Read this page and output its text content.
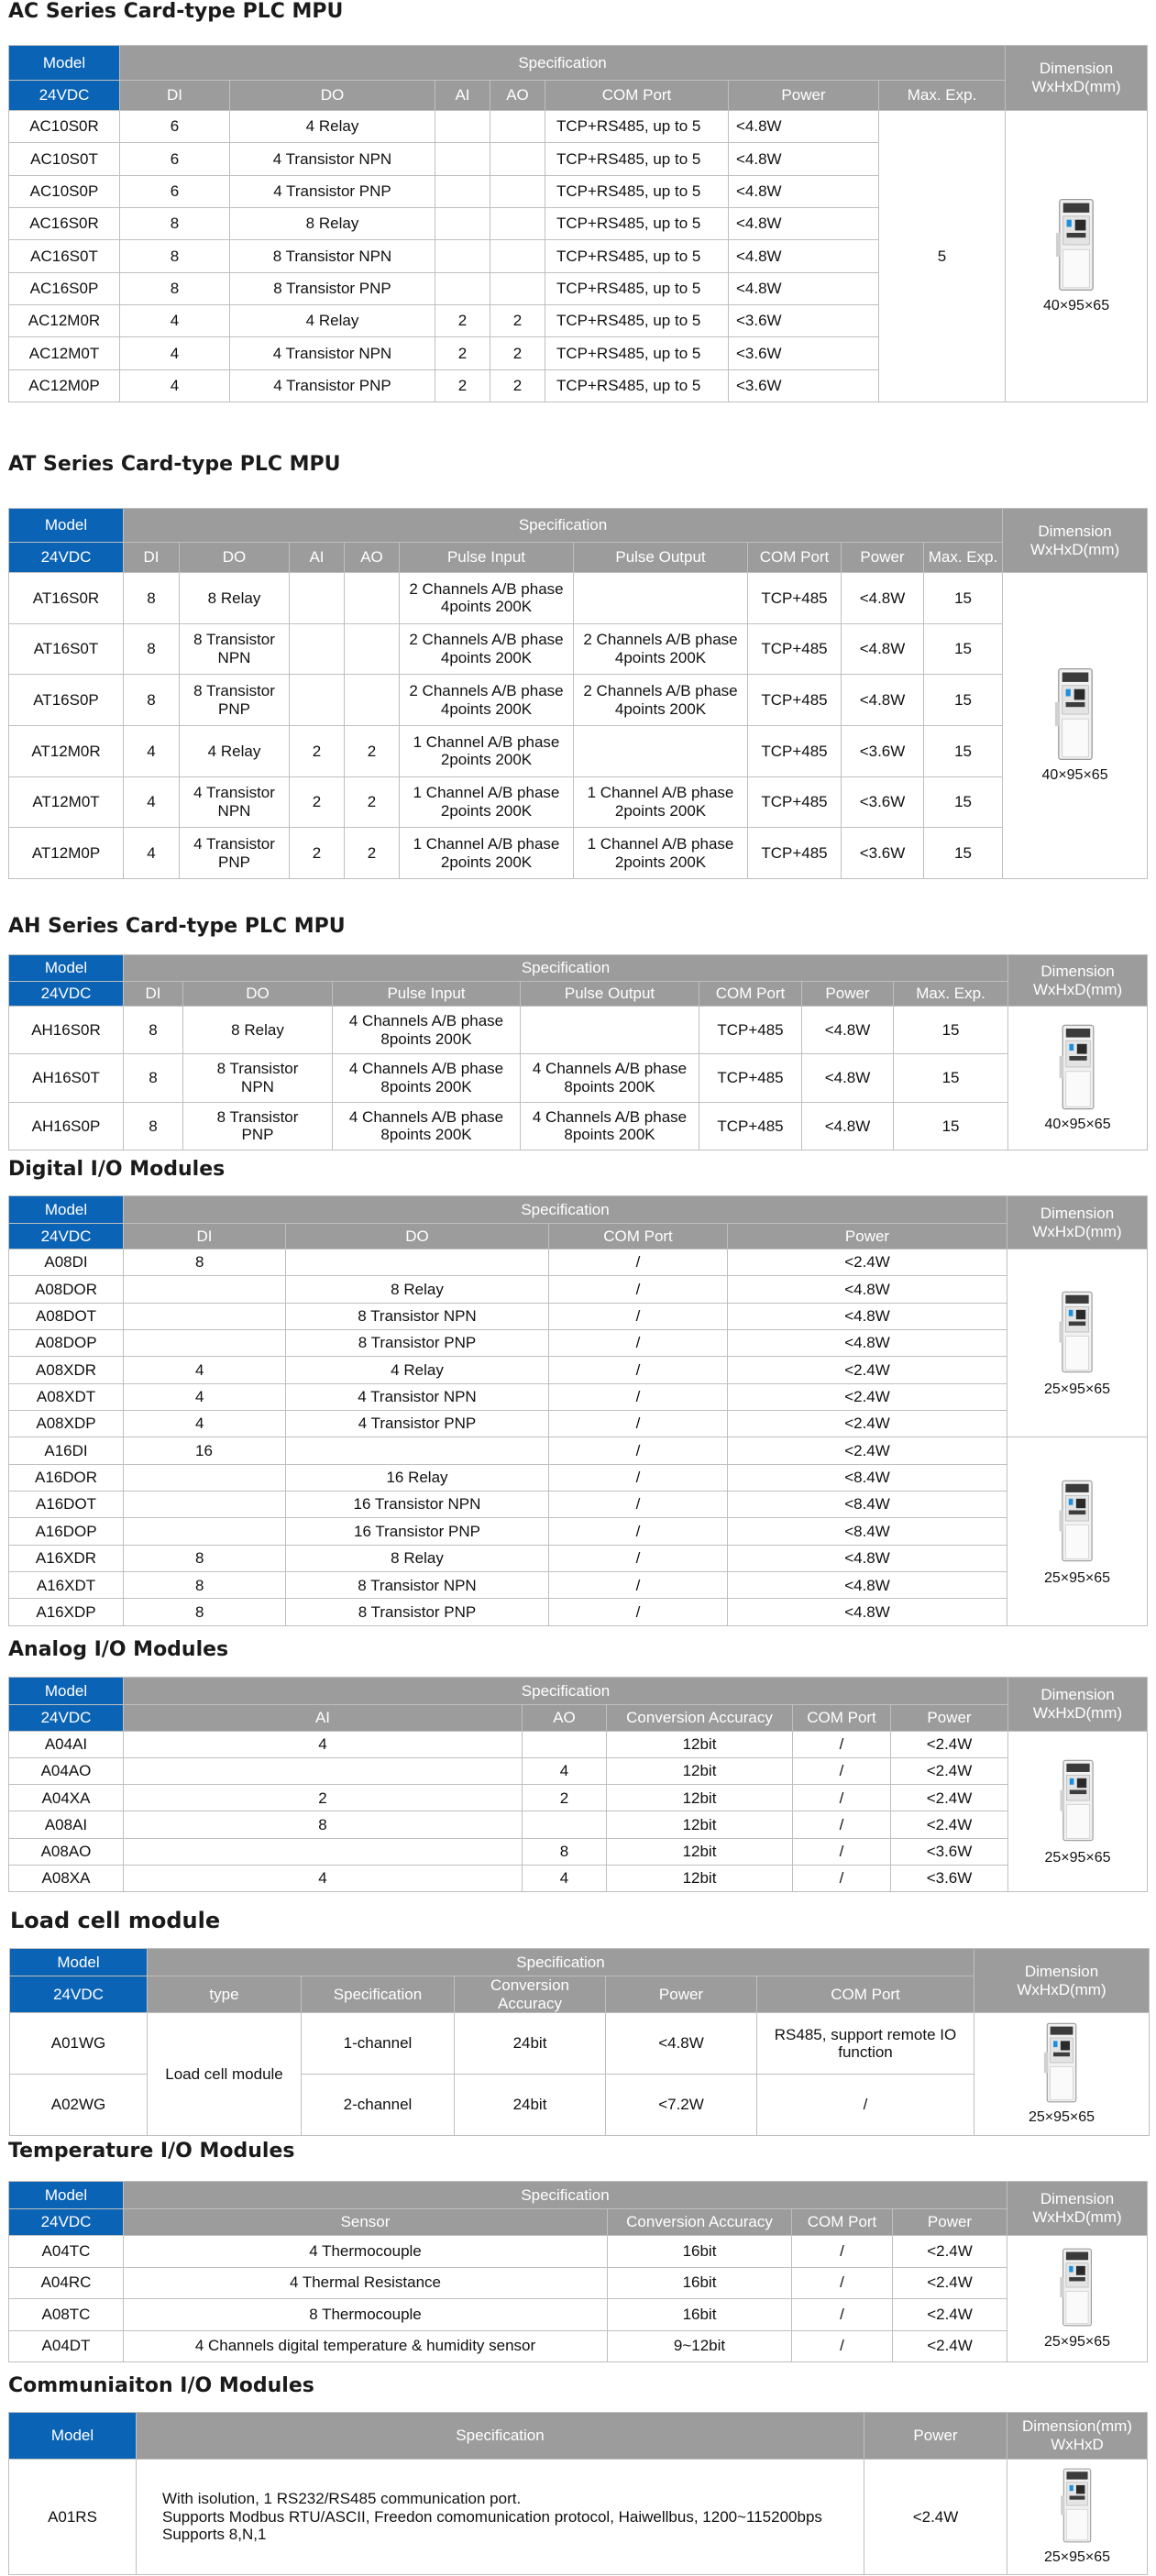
AC Series Card-type PLC MPU
Model	Specification							Dimension
WxHxD(mm)
24VDC	DI	DO	AI	AO	COM Port	Power	Max. Exp.	
AC10S0R	6	4 Relay			TCP+RS485, up to 5	<4.8W	5	40×95×65
AC10S0T	6	4 Transistor NPN			TCP+RS485, up to 5	<4.8W		
AC10S0P	6	4 Transistor PNP			TCP+RS485, up to 5	<4.8W		
AC16S0R	8	8 Relay			TCP+RS485, up to 5	<4.8W		
AC16S0T	8	8 Transistor NPN			TCP+RS485, up to 5	<4.8W		
AC16S0P	8	8 Transistor PNP			TCP+RS485, up to 5	<4.8W		
AC12M0R	4	4 Relay	2	2	TCP+RS485, up to 5	<3.6W		
AC12M0T	4	4 Transistor NPN	2	2	TCP+RS485, up to 5	<3.6W		
AC12M0P	4	4 Transistor PNP	2	2	TCP+RS485, up to 5	<3.6W		
AT Series Card-type PLC MPU
Model	Specification									Dimension
WxHxD(mm)
24VDC	DI	DO	AI	AO	Pulse Input	Pulse Output	COM Port	Power	Max. Exp.	
AT16S0R	8	8 Relay			2 Channels A/B phase
4points 200K		TCP+485	<4.8W	15	40×95×65
AT16S0T	8	8 Transistor
NPN			2 Channels A/B phase
4points 200K	2 Channels A/B phase
4points 200K	TCP+485	<4.8W	15	
AT16S0P	8	8 Transistor
PNP			2 Channels A/B phase
4points 200K	2 Channels A/B phase
4points 200K	TCP+485	<4.8W	15	
AT12M0R	4	4 Relay	2	2	1 Channel A/B phase
2points 200K		TCP+485	<3.6W	15	
AT12M0T	4	4 Transistor
NPN	2	2	1 Channel A/B phase
2points 200K	1 Channel A/B phase
2points 200K	TCP+485	<3.6W	15	
AT12M0P	4	4 Transistor
PNP	2	2	1 Channel A/B phase
2points 200K	1 Channel A/B phase
2points 200K	TCP+485	<3.6W	15	
AH Series Card-type PLC MPU
Model	Specification							Dimension
WxHxD(mm)
24VDC	DI	DO	Pulse Input	Pulse Output	COM Port	Power	Max. Exp.	
AH16S0R	8	8 Relay	4 Channels A/B phase
8points 200K		TCP+485	<4.8W	15	40×95×65
AH16S0T	8	8 Transistor
NPN	4 Channels A/B phase
8points 200K	4 Channels A/B phase
8points 200K	TCP+485	<4.8W	15	
AH16S0P	8	8 Transistor
PNP	4 Channels A/B phase
8points 200K	4 Channels A/B phase
8points 200K	TCP+485	<4.8W	15	
Digital I/O Modules
Model	Specification				Dimension
WxHxD(mm)
24VDC	DI	DO	COM Port	Power	
A08DI	8		/	<2.4W	25×95×65
A08DOR		8 Relay	/	<4.8W	
A08DOT		8 Transistor NPN	/	<4.8W	
A08DOP		8 Transistor PNP	/	<4.8W	
A08XDR	4	4 Relay	/	<2.4W	
A08XDT	4	4 Transistor NPN	/	<2.4W	
A08XDP	4	4 Transistor PNP	/	<2.4W	
A16DI	16		/	<2.4W	25×95×65
A16DOR		16 Relay	/	<8.4W	
A16DOT		16 Transistor NPN	/	<8.4W	
A16DOP		16 Transistor PNP	/	<8.4W	
A16XDR	8	8 Relay	/	<4.8W	
A16XDT	8	8 Transistor NPN	/	<4.8W	
A16XDP	8	8 Transistor PNP	/	<4.8W	
Analog I/O Modules
Model	Specification					Dimension
WxHxD(mm)
24VDC	AI	AO	Conversion Accuracy	COM Port	Power	
A04AI	4		12bit	/	<2.4W	25×95×65
A04AO		4	12bit	/	<2.4W	
A04XA	2	2	12bit	/	<2.4W	
A08AI	8		12bit	/	<2.4W	
A08AO		8	12bit	/	<3.6W	
A08XA	4	4	12bit	/	<3.6W	
Load cell module
Model	Specification					Dimension
WxHxD(mm)
24VDC	type	Specification	Conversion Accuracy	Power	COM Port	
A01WG	Load cell module	1-channel	24bit	<4.8W	RS485, support remote IO
function	25×95×65
A02WG		2-channel	24bit	<7.2W	/	
Temperature I/O Modules
Model	Specification				Dimension
WxHxD(mm)
24VDC	Sensor	Conversion Accuracy	COM Port	Power	
A04TC	4 Thermocouple	16bit	/	<2.4W	25×95×65
A04RC	4 Thermal Resistance	16bit	/	<2.4W	
A08TC	8 Thermocouple	16bit	/	<2.4W	
A04DT	4 Channels digital temperature & humidity sensor	9~12bit	/	<2.4W	
Communiaiton I/O Modules
Model	Specification	Power	Dimension(mm)
WxHxD
A01RS	With isolution, 1 RS232/RS485 communication port.
Supports Modbus RTU/ASCII, Freedon comomunication protocol, Haiwellbus, 1200~115200bps
Supports 8,N,1	<2.4W	25×95×65
